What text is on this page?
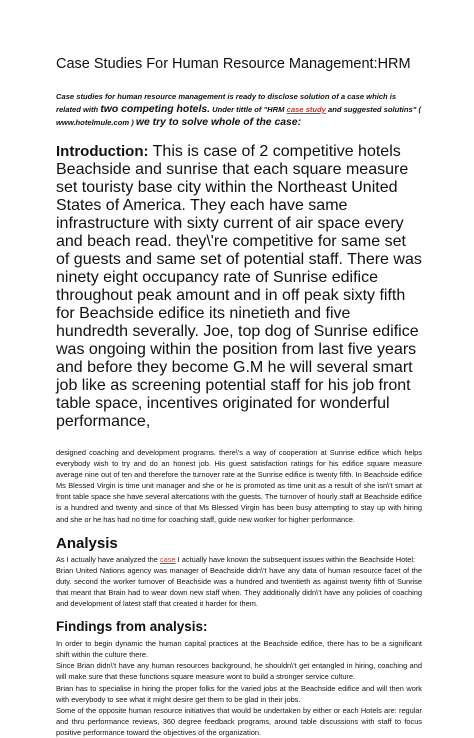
Case Studies For Human Resource Management:HRM

Case studies for human resource management is ready to disclose solution of a case which is related with two competing hotels. Under tittle of "HRM case study and suggested solutins" ( www.hotelmule.com ) we try to solve whole of the case:

Introduction: This is case of 2 competitive hotels Beachside and sunrise that each square measure set touristy base city within the Northeast United States of America. They each have same infrastructure with sixty current of air space every and beach read. they\'re competitive for same set of guests and same set of potential staff. There was ninety eight occupancy rate of Sunrise edifice throughout peak amount and in off peak sixty fifth for Beachside edifice its ninetieth and five hundredth severally. Joe, top dog of Sunrise edifice was ongoing within the position from last five years and before they become G.M he will several smart job like as screening potential staff for his job front table space, incentives originated for wonderful performance,

designed coaching and development programs. there\'s a way of cooperation at Sunrise edifice which helps everybody wish to try and do an honest job. His guest satisfaction ratings for his edifice square measure average nine out of ten and therefore the turnover rate at the Sunrise edifice is twenty fifth. In Beachside edifice Ms Blessed Virgin is time unit manager and she or he is promoted as time unit as a result of she isn\'t smart at front table space she have several altercations with the guests. The turnover of hourly staff at Beachside edifice is a hundred and twenty and since of that Ms Blessed Virgin has been busy attempting to stay up with hiring and she or he has had no time for coaching staff, guide new worker for higher performance.

Analysis

As I actually have analyzed the case I actually have known the subsequent issues within the Beachside Hotel:

Brian United Nations agency was manager of Beachside didn\'t have any data of human resource facet of the duty. second the worker turnover of Beachside was a hundred and twentieth as against twenty fifth of Sunrise that meant that Brain had to wear down new staff when. They additionally didn\'t have any policies of coaching and development of latest staff that created it harder for them.

Findings from analysis:

In order to begin dynamic the human capital practices at the Beachside edifice, there has to be a significant shift within the culture there.

Since Brian didn\'t have any human resources background, he shouldn\'t get entangled in hiring, coaching and will make sure that these functions square measure wont to build a stronger service culture.

Brian has to specialise in hiring the proper folks for the varied jobs at the Beachside edifice and will then work with everybody to see what it might desire get them to be glad in their jobs.

Some of the opposite human resource initiatives that would be undertaken by either or each Hotels are: regular and thru performance reviews, 360 degree feedback programs, around table discussions with staff to focus positive performance toward the objectives of the organization.
